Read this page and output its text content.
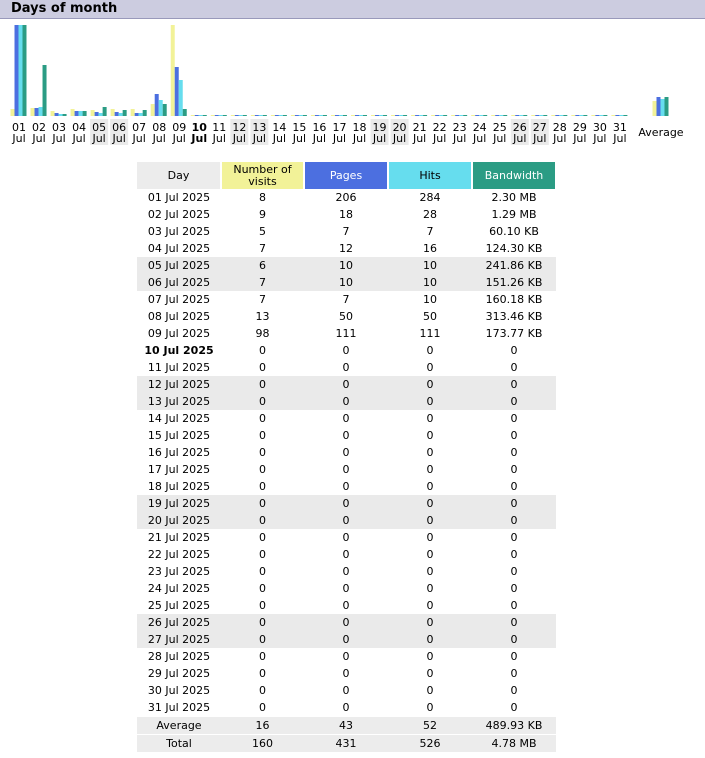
Days of month
01
Jul
02
Jul
03
Jul
04
Jul
05
Jul
06
Jul
07
Jul
08
Jul
09
Jul
10
Jul
11
Jul
12
Jul
13
Jul
14
Jul
15
Jul
16
Jul
17
Jul
18
Jul
19
Jul
20
Jul
21
Jul
22
Jul
23
Jul
24
Jul
25
Jul
26
Jul
27
Jul
28
Jul
29
Jul
30
Jul
31
Jul Average
Day	Number of
visits	Pages	Hits	Bandwidth
01 Jul 2025	8	206	284	2.30 MB
02 Jul 2025	9	18	28	1.29 MB
03 Jul 2025	5	7	7	60.10 KB
04 Jul 2025	7	12	16	124.30 KB
05 Jul 2025	6	10	10	241.86 KB
06 Jul 2025	7	10	10	151.26 KB
07 Jul 2025	7	7	10	160.18 KB
08 Jul 2025	13	50	50	313.46 KB
09 Jul 2025	98	111	111	173.77 KB
10 Jul 2025	0	0	0	0
11 Jul 2025	0	0	0	0
12 Jul 2025	0	0	0	0
13 Jul 2025	0	0	0	0
14 Jul 2025	0	0	0	0
15 Jul 2025	0	0	0	0
16 Jul 2025	0	0	0	0
17 Jul 2025	0	0	0	0
18 Jul 2025	0	0	0	0
19 Jul 2025	0	0	0	0
20 Jul 2025	0	0	0	0
21 Jul 2025	0	0	0	0
22 Jul 2025	0	0	0	0
23 Jul 2025	0	0	0	0
24 Jul 2025	0	0	0	0
25 Jul 2025	0	0	0	0
26 Jul 2025	0	0	0	0
27 Jul 2025	0	0	0	0
28 Jul 2025	0	0	0	0
29 Jul 2025	0	0	0	0
30 Jul 2025	0	0	0	0
31 Jul 2025	0	0	0	0
Average	16	43	52	489.93 KB
Total	160	431	526	4.78 MB
